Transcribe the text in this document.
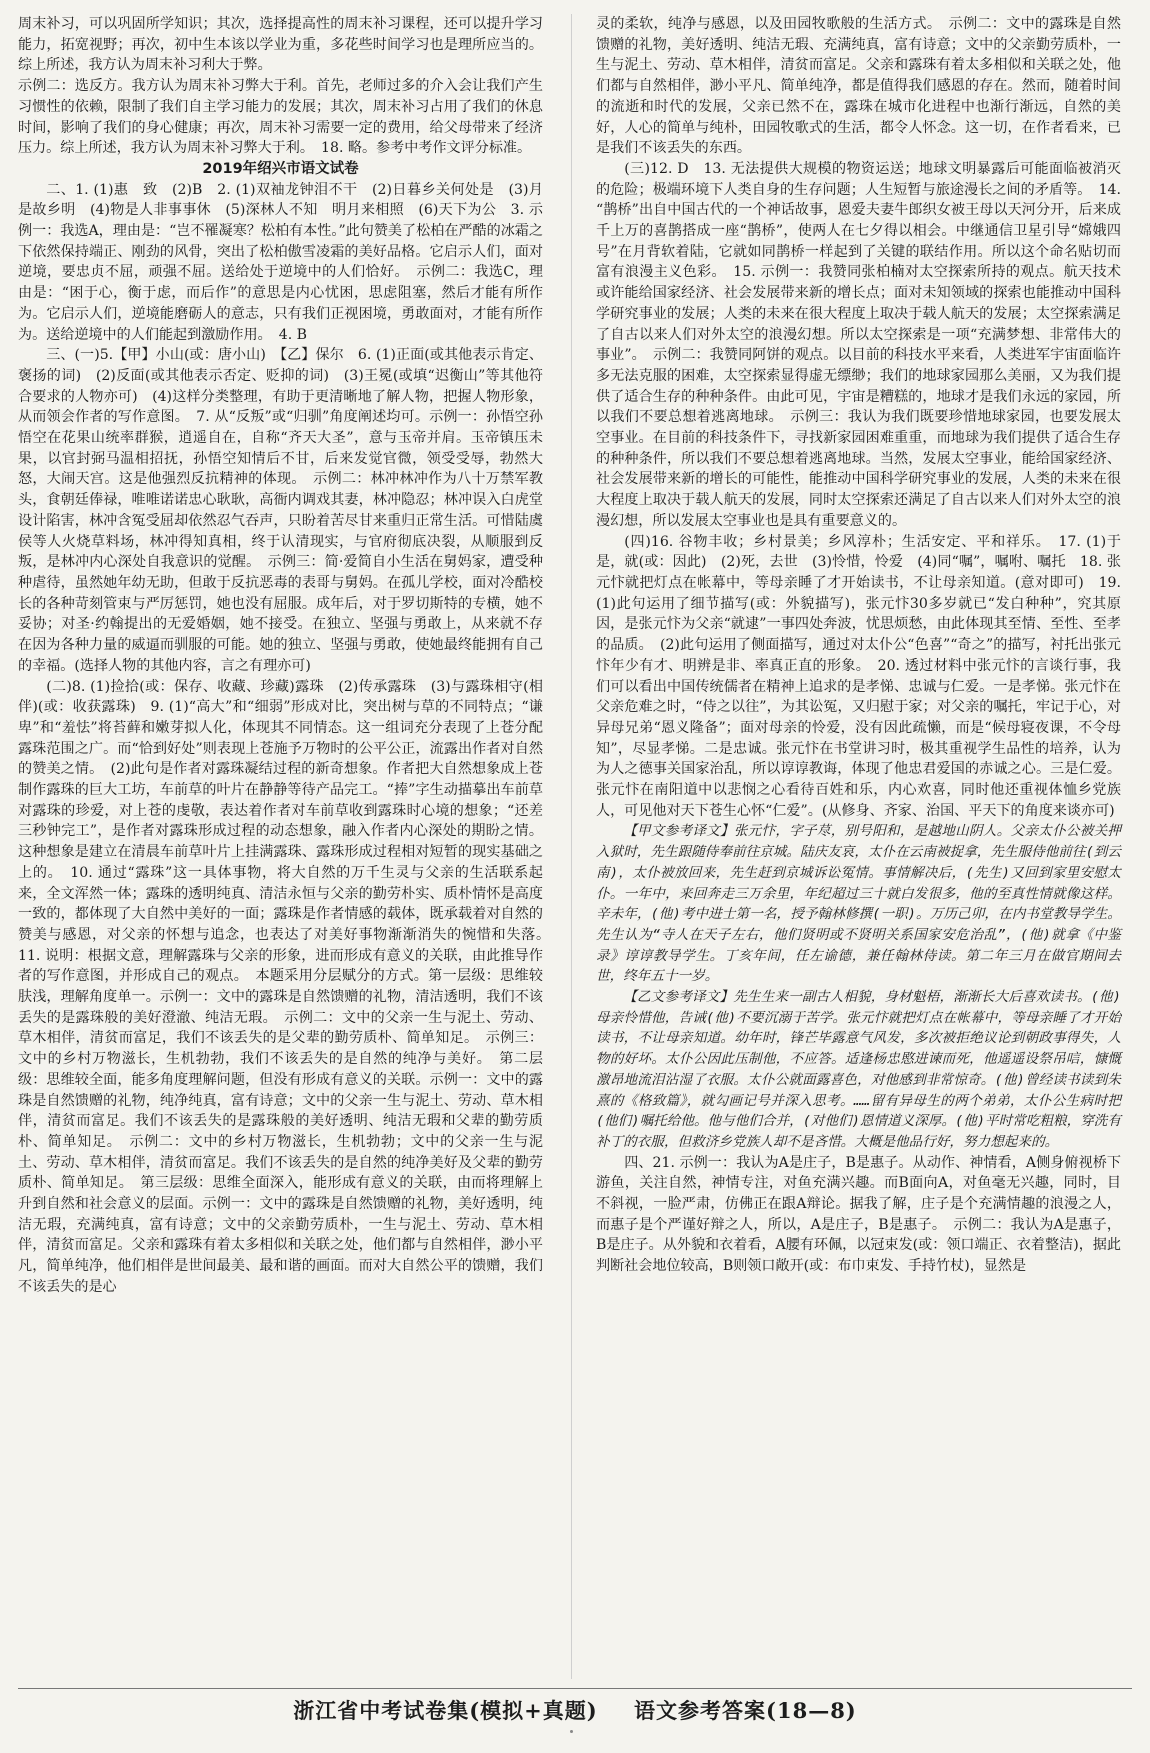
周末补习，可以巩固所学知识；其次，选择提高性的周末补习课程，还可以提升学习能力，拓宽视野；再次，初中生本该以学业为重，多花些时间学习也是理所应当的。综上所述，我方认为周末补习利大于弊。

示例二：选反方。我方认为周末补习弊大于利。首先，老师过多的介入会让我们产生习惯性的依赖，限制了我们自主学习能力的发展；其次，周末补习占用了我们的休息时间，影响了我们的身心健康；再次，周末补习需要一定的费用，给父母带来了经济压力。综上所述，我方认为周末补习弊大于利。　18. 略。参考中考作文评分标准。

2019年绍兴市语文试卷

二、1. (1)惠　致　(2)B　2. (1)双袖龙钟泪不干　(2)日暮乡关何处是　(3)月是故乡明　(4)物是人非事事休　(5)深林人不知　明月来相照　(6)天下为公　3. 示例一：我选A，理由是：“岂不罹凝寒？松柏有本性。”此句赞美了松柏在严酷的冰霜之下依然保持端正、刚劲的风骨，突出了松柏傲雪凌霜的美好品格。它启示人们，面对逆境，要忠贞不屈，顽强不屈。送给处于逆境中的人们恰好。　示例二：我选C，理由是：“困于心，衡于虑，而后作”的意思是内心忧困，思虑阻塞，然后才能有所作为。它启示人们，逆境能磨砺人的意志，只有我们正视困境，勇敢面对，才能有所作为。送给逆境中的人们能起到激励作用。　4. B

三、(一)5.【甲】小山(或：唐小山)　【乙】保尔　6. (1)正面(或其他表示肯定、褒扬的词)　(2)反面(或其他表示否定、贬抑的词)　(3)王冕(或填“迟衡山”等其他符合要求的人物亦可)　(4)这样分类整理，有助于更清晰地了解人物，把握人物形象，从而领会作者的写作意图。　7. 从“反叛”或“归驯”角度阐述均可。示例一：孙悟空孙悟空在花果山统率群猴，逍遥自在，自称“齐天大圣”，意与玉帝并肩。玉帝镇压未果，以官封弼马温相招抚，孙悟空知情后不甘，后来发觉官微，领受受辱，勃然大怒，大闹天宫。这是他强烈反抗精神的体现。　示例二：林冲林冲作为八十万禁军教头，食朝廷俸禄，唯唯诺诺忠心耿耿，高衙内调戏其妻，林冲隐忍；林冲误入白虎堂设计陷害，林冲含冤受屈却依然忍气吞声，只盼着苦尽甘来重归正常生活。可惜陆虞侯等人火烧草料场，林冲得知真相，终于认清现实，与官府彻底决裂，从顺服到反叛，是林冲内心深处自我意识的觉醒。　示例三：简·爱简自小生活在舅妈家，遭受种种虐待，虽然她年幼无助，但敢于反抗恶毒的表哥与舅妈。在孤儿学校，面对冷酷校长的各种苛刻管束与严厉惩罚，她也没有屈服。成年后，对于罗切斯特的专横，她不妥协；对圣·约翰提出的无爱婚姻，她不接受。在独立、坚强与勇敢上，从来就不存在因为各种力量的威逼而驯服的可能。她的独立、坚强与勇敢，使她最终能拥有自己的幸福。(选择人物的其他内容，言之有理亦可)

(二)8. (1)捡拾(或：保存、收藏、珍藏)露珠　(2)传承露珠　(3)与露珠相守(相伴)(或：收获露珠)　9. (1)“高大”和“细弱”形成对比，突出树与草的不同特点；“谦卑”和“羞怯”将苔藓和嫩芽拟人化，体现其不同情态。这一组词充分表现了上苍分配露珠范围之广。而“恰到好处”则表现上苍施予万物时的公平公正，流露出作者对自然的赞美之情。　(2)此句是作者对露珠凝结过程的新奇想象。作者把大自然想象成上苍制作露珠的巨大工坊，车前草的叶片在静静等待产品完工。“捧”字生动描摹出车前草对露珠的珍爱，对上苍的虔敬，表达着作者对车前草收到露珠时心境的想象；“还差三秒钟完工”，是作者对露珠形成过程的动态想象，融入作者内心深处的期盼之情。这种想象是建立在清晨车前草叶片上挂满露珠、露珠形成过程相对短暂的现实基础之上的。　10. 通过“露珠”这一具体事物，将大自然的万千生灵与父亲的生活联系起来，全文浑然一体；露珠的透明纯真、清洁永恒与父亲的勤劳朴实、质朴情怀是高度一致的，都体现了大自然中美好的一面；露珠是作者情感的载体，既承载着对自然的赞美与感恩，对父亲的怀想与追念，也表达了对美好事物渐渐消失的惋惜和失落。　11. 说明：根据文意，理解露珠与父亲的形象，进而形成有意义的关联，由此推导作者的写作意图，并形成自己的观点。　本题采用分层赋分的方式。第一层级：思维较肤浅，理解角度单一。示例一：文中的露珠是自然馈赠的礼物，清洁透明，我们不该丢失的是露珠般的美好澄澈、纯洁无瑕。　示例二：文中的父亲一生与泥土、劳动、草木相伴，清贫而富足，我们不该丢失的是父辈的勤劳质朴、简单知足。　示例三：文中的乡村万物滋长，生机勃勃，我们不该丢失的是自然的纯净与美好。　第二层级：思维较全面，能多角度理解问题，但没有形成有意义的关联。示例一：文中的露珠是自然馈赠的礼物，纯净纯真，富有诗意；文中的父亲一生与泥土、劳动、草木相伴，清贫而富足。我们不该丢失的是露珠般的美好透明、纯洁无瑕和父辈的勤劳质朴、简单知足。　示例二：文中的乡村万物滋长，生机勃勃；文中的父亲一生与泥土、劳动、草木相伴，清贫而富足。我们不该丢失的是自然的纯净美好及父辈的勤劳质朴、简单知足。　第三层级：思维全面深入，能形成有意义的关联，由而将理解上升到自然和社会意义的层面。示例一：文中的露珠是自然馈赠的礼物，美好透明，纯洁无瑕，充满纯真，富有诗意；文中的父亲勤劳质朴，一生与泥土、劳动、草木相伴，清贫而富足。父亲和露珠有着太多相似和关联之处，他们都与自然相伴，渺小平凡，简单纯净，他们相伴是世间最美、最和谐的画面。而对大自然公平的馈赠，我们不该丢失的是心

灵的柔软，纯净与感恩，以及田园牧歌般的生活方式。　示例二：文中的露珠是自然馈赠的礼物，美好透明、纯洁无瑕、充满纯真，富有诗意；文中的父亲勤劳质朴，一生与泥土、劳动、草木相伴，清贫而富足。父亲和露珠有着太多相似和关联之处，他们都与自然相伴，渺小平凡、简单纯净，都是值得我们感恩的存在。然而，随着时间的流逝和时代的发展，父亲已然不在，露珠在城市化进程中也渐行渐远，自然的美好，人心的简单与纯朴，田园牧歌式的生活，都令人怀念。这一切，在作者看来，已是我们不该丢失的东西。

(三)12. D　13. 无法提供大规模的物资运送；地球文明暴露后可能面临被消灭的危险；极端环境下人类自身的生存问题；人生短暂与旅途漫长之间的矛盾等。　14. “鹊桥”出自中国古代的一个神话故事，恩爱夫妻牛郎织女被王母以天河分开，后来成千上万的喜鹊搭成一座“鹊桥”，使两人在七夕得以相会。中继通信卫星引导“嫦娥四号”在月背软着陆，它就如同鹊桥一样起到了关键的联结作用。所以这个命名贴切而富有浪漫主义色彩。　15. 示例一：我赞同张柏楠对太空探索所持的观点。航天技术或许能给国家经济、社会发展带来新的增长点；面对未知领域的探索也能推动中国科学研究事业的发展；人类的未来在很大程度上取决于载人航天的发展；太空探索满足了自古以来人们对外太空的浪漫幻想。所以太空探索是一项“充满梦想、非常伟大的事业”。　示例二：我赞同阿饼的观点。以目前的科技水平来看，人类进军宇宙面临许多无法克服的困难，太空探索显得虚无缥缈；我们的地球家园那么美丽，又为我们提供了适合生存的种种条件。由此可见，宇宙是糟糕的，地球才是我们永远的家园，所以我们不要总想着逃离地球。　示例三：我认为我们既要珍惜地球家园，也要发展太空事业。在目前的科技条件下，寻找新家园困难重重，而地球为我们提供了适合生存的种种条件，所以我们不要总想着逃离地球。当然，发展太空事业，能给国家经济、社会发展带来新的增长的可能性，能推动中国科学研究事业的发展，人类的未来在很大程度上取决于载人航天的发展，同时太空探索还满足了自古以来人们对外太空的浪漫幻想，所以发展太空事业也是具有重要意义的。

(四)16. 谷物丰收；乡村景美；乡风淳朴；生活安定、平和祥乐。　17. (1)于是，就(或：因此)　(2)死，去世　(3)怜惜，怜爱　(4)同“嘱”，嘱咐、嘱托　18. 张元忭就把灯点在帐幕中，等母亲睡了才开始读书，不让母亲知道。(意对即可)　19. (1)此句运用了细节描写(或：外貌描写)，张元忭30多岁就已“发白种种”，究其原因，是张元忭为父亲“就逮”一事四处奔波，忧思烦愁，由此体现其至情、至性、至孝的品质。　(2)此句运用了侧面描写，通过对太仆公“色喜”“奇之”的描写，衬托出张元忭年少有才、明辨是非、率真正直的形象。　20. 透过材料中张元忭的言谈行事，我们可以看出中国传统儒者在精神上追求的是孝悌、忠诚与仁爱。一是孝悌。张元忭在父亲危难之时，“侍之以往”，为其讼冤，又归慰于家；对父亲的嘱托，牢记于心，对异母兄弟“恩义隆备”；面对母亲的怜爱，没有因此疏懒，而是“候母寝夜课，不令母知”，尽显孝悌。二是忠诚。张元忭在书堂讲习时，极其重视学生品性的培养，认为为人之德事关国家治乱，所以谆谆教诲，体现了他忠君爱国的赤诚之心。三是仁爱。张元忭在南阳道中以悲悯之心看待百姓和乐，内心欢喜，同时他还重视体恤乡党族人，可见他对天下苍生心怀“仁爱”。(从修身、齐家、治国、平天下的角度来谈亦可)

【甲文参考译文】张元忭，字子荩，别号阳和，是越地山阴人。父亲太仆公被关押入狱时，先生跟随侍奉前往京城。陆庆友哀，太仆在云南被捉拿，先生服侍他前往(到云南)，太仆被放回来，先生赶到京城诉讼冤情。事情解决后，(先生)又回到家里安慰太仆。一年中，来回奔走三万余里，年纪超过三十就白发很多，他的至真性情就像这样。辛未年，(他)考中进士第一名，授予翰林修撰(一职)。万历己卯，在内书堂教导学生。先生认为“寺人在天子左右，他们贤明或不贤明关系国家安危治乱”，(他)就拿《中鉴录》谆谆教导学生。丁亥年间，任左谕德，兼任翰林侍读。第二年三月在做官期间去世，终年五十一岁。

【乙文参考译文】先生生来一副古人相貌，身材魁梧，渐渐长大后喜欢读书。(他)母亲怜惜他，告诫(他)不要沉溺于苦学。张元忭就把灯点在帐幕中，等母亲睡了才开始读书，不让母亲知道。幼年时，锋芒毕露意气风发，多次被拒绝议论到朝政事得失，人物的好坏。太仆公因此压制他，不应答。适逢杨忠愍进谏而死，他遥遥设祭吊唁，慷慨激昂地流泪沾湿了衣服。太仆公就面露喜色，对他感到非常惊奇。(他)曾经读书读到朱熹的《格致篇》，就勾画记号并深入思考。……留有异母生的两个弟弟，太仆公生病时把(他们)嘱托给他。他与他们合并，(对他们)恩情道义深厚。(他)平时常吃粗粮，穿洗有补丁的衣服，但救济乡党族人却不是吝惜。大概是他品行好，努力想起来的。

四、21. 示例一：我认为A是庄子，B是惠子。从动作、神情看，A侧身俯视桥下游鱼，关注自然，神情专注，对鱼充满兴趣。而B面向A，对鱼毫无兴趣，同时，目不斜视，一脸严肃，仿佛正在跟A辩论。据我了解，庄子是个充满情趣的浪漫之人，而惠子是个严谨好辩之人，所以，A是庄子，B是惠子。　示例二：我认为A是惠子，B是庄子。从外貌和衣着看，A腰有环佩，以冠束发(或：领口端正、衣着整洁)，据此判断社会地位较高，B则领口敞开(或：布巾束发、手持竹杖)，显然是

浙江省中考试卷集(模拟+真题) 语文参考答案(18—8)
